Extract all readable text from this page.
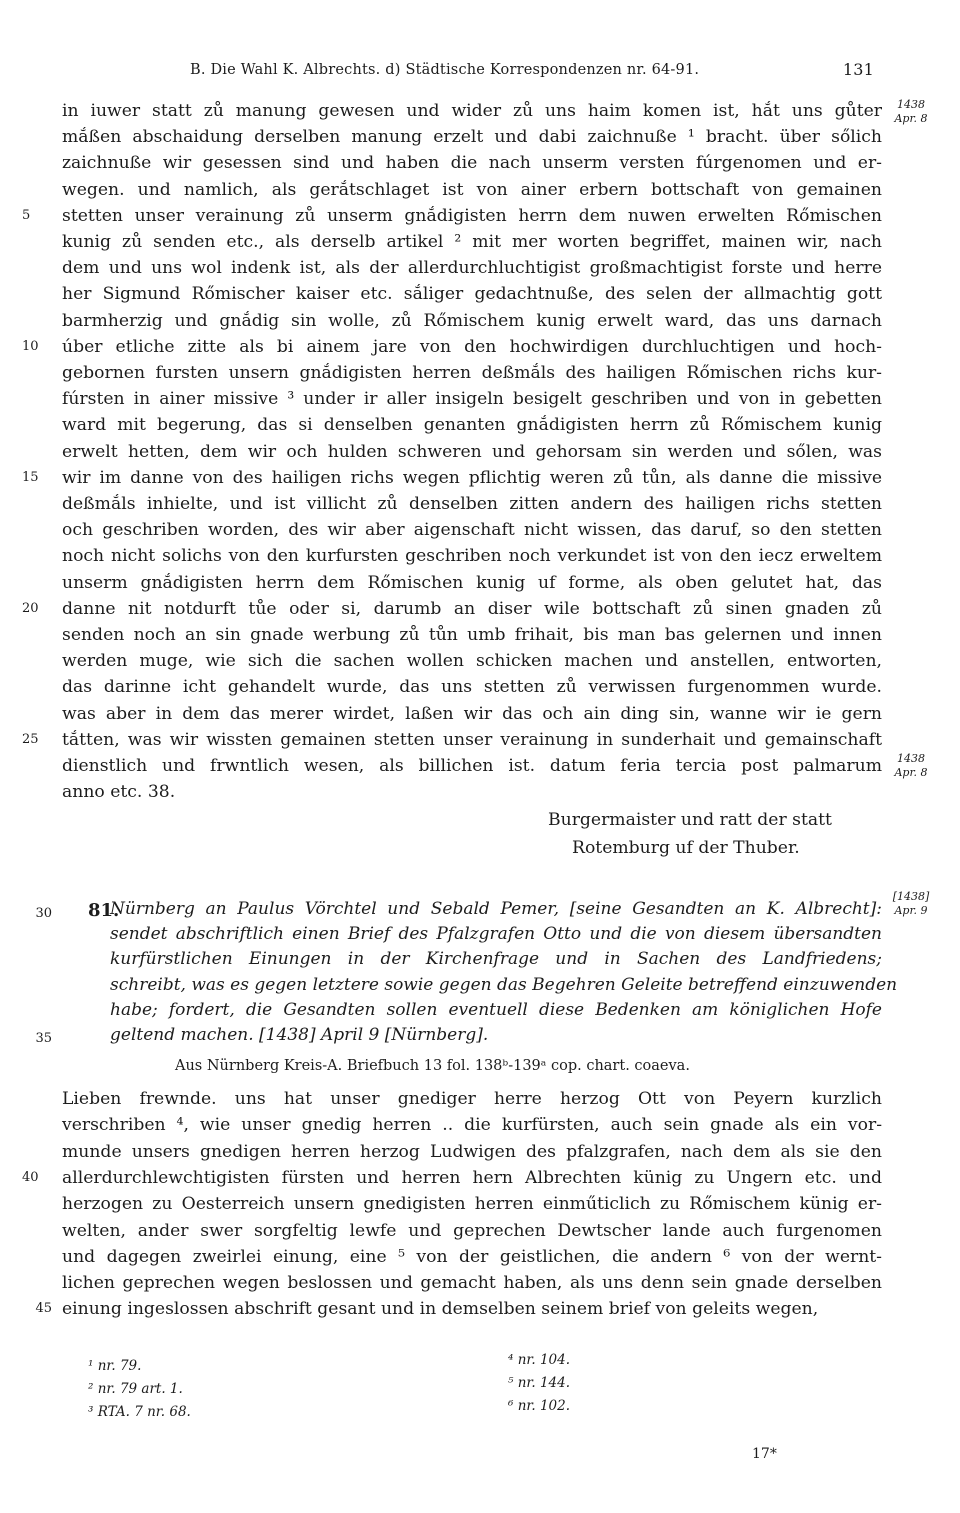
B. Die Wahl K. Albrechts. d) Städtische Korrespondenzen nr. 64-91.	131
in iuwer statt zů manung gewesen und wider zů uns haim komen ist, hắt uns gůter
mắßen abschaidung derselben manung erzelt und dabi zaichnuße ¹ bracht. über sőlich
zaichnuße wir gesessen sind und haben die nach unserm versten fúrgenomen und er-
wegen. und namlich, als gerắtschlaget ist von ainer erbern bottschaft von gemainen
stetten unser verainung zů unserm gnắdigisten herrn dem nuwen erwelten Rőmischen
5
kunig zů senden etc., als derselb artikel ² mit mer worten begriffet, mainen wir, nach
dem und uns wol indenk ist, als der allerdurchluchtigist großmachtigist forste und herre
her Sigmund Rőmischer kaiser etc. sắliger gedachtnuße, des selen der allmachtig gott
barmherzig und gnắdig sin wolle, zů Rőmischem kunig erwelt ward, das uns darnach
úber etliche zitte als bi ainem jare von den hochwirdigen durchluchtigen und hoch-
10
gebornen fursten unsern gnắdigisten herren deßmắls des hailigen Rőmischen richs kur-
fúrsten in ainer missive ³ under ir aller insigeln besigelt geschriben und von in gebetten
ward mit begerung, das si denselben genanten gnắdigisten herrn zů Rőmischem kunig
erwelt hetten, dem wir och hulden schweren und gehorsam sin werden und sőlen, was
wir im danne von des hailigen richs wegen pflichtig weren zů tůn, als danne die missive
15
deßmắls inhielte, und ist villicht zů denselben zitten andern des hailigen richs stetten
och geschriben worden, des wir aber aigenschaft nicht wissen, das daruf, so den stetten
noch nicht solichs von den kurfursten geschriben noch verkundet ist von den iecz erweltem
unserm gnắdigisten herrn dem Rőmischen kunig uf forme, als oben gelutet hat, das
danne nit notdurft tůe oder si, darumb an diser wile bottschaft zů sinen gnaden zů
20
senden noch an sin gnade werbung zů tůn umb frihait, bis man bas gelernen und innen
werden muge, wie sich die sachen wollen schicken machen und anstellen, entworten,
das darinne icht gehandelt wurde, das uns stetten zů verwissen furgenommen wurde.
was aber in dem das merer wirdet, laßen wir das och ain ding sin, wanne wir ie gern
tắtten, was wir wissten gemainen stetten unser verainung in sunderhait und gemainschaft
25
dienstlich und frwntlich wesen, als billichen ist. datum feria tercia post palmarum
anno etc. 38.
1438
Apr. 8
1438
Apr. 8
Burgermaister und ratt der statt
Rotemburg uf der Thuber.
30 81.
Nürnberg an Paulus Vörchtel und Sebald Pemer, [seine Gesandten an K. Albrecht]:
sendet abschriftlich einen Brief des Pfalzgrafen Otto und die von diesem übersandten
kurfürstlichen Einungen in der Kirchenfrage und in Sachen des Landfriedens;
schreibt, was es gegen letztere sowie gegen das Begehren Geleite betreffend einzuwenden
habe; fordert, die Gesandten sollen eventuell diese Bedenken am königlichen Hofe
geltend machen. [1438] April 9 [Nürnberg].
35
[1438]
Apr. 9
Aus Nürnberg Kreis-A. Briefbuch 13 fol. 138ᵇ-139ᵃ cop. chart. coaeva.
Lieben frewnde. uns hat unser gnediger herre herzog Ott von Peyern kurzlich
verschriben ⁴, wie unser gnedig herren .. die kurfürsten, auch sein gnade als ein vor-
munde unsers gnedigen herren herzog Ludwigen des pfalzgrafen, nach dem als sie den
allerdurchlewchtigisten fürsten und herren hern Albrechten künig zu Ungern etc. und
40
herzogen zu Oesterreich unsern gnedigisten herren einműticlich zu Rőmischem künig er-
welten, ander swer sorgfeltig lewfe und geprechen Dewtscher lande auch furgenomen
und dagegen zweirlei einung, eine ⁵ von der geistlichen, die andern ⁶ von der wernt-
lichen geprechen wegen beslossen und gemacht haben, als uns denn sein gnade derselben
einung ingeslossen abschrift gesant und in demselben seinem brief von geleits wegen,
45
¹ nr. 79.
² nr. 79 art. 1.
³ RTA. 7 nr. 68.
⁴ nr. 104.
⁵ nr. 144.
⁶ nr. 102.
17*
